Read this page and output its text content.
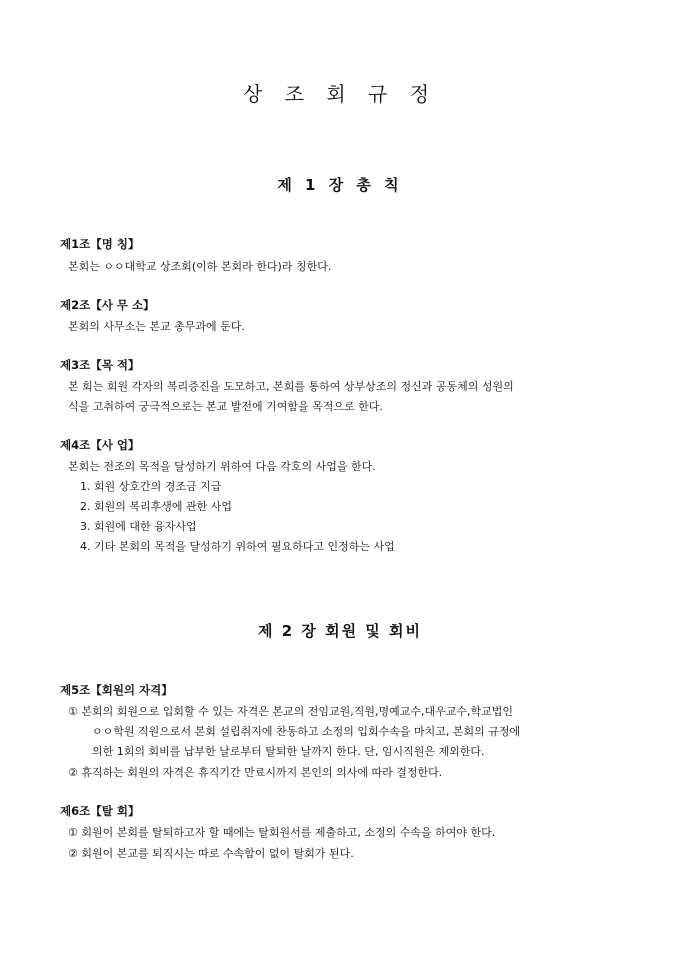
상 조 회 규 정
제 1 장 총 칙
제1조【명 칭】
본회는 ㅇㅇ대학교 상조회(이하 본회라 한다)라 칭한다.
제2조【사 무 소】
본회의 사무소는 본교 총무과에 둔다.
제3조【목 적】
본 회는 회원 각자의 복리증진을 도모하고, 본회를 통하여 상부상조의 정신과 공동체의 성원의
식을 고취하여 궁극적으로는 본교 발전에 기여함을 목적으로 한다.
제4조【사 업】
본회는 전조의 목적을 달성하기 위하여 다음 각호의 사업을 한다.
1. 회원 상호간의 경조금 지급
2. 회원의 복리후생에 관한 사업
3. 회원에 대한 융자사업
4. 기타 본회의 목적을 달성하기 위하여 필요하다고 인정하는 사업
제 2 장 회원 및 회비
제5조【회원의 자격】
① 본회의 회원으로 입회할 수 있는 자격은 본교의 전임교원,직원,명예교수,대우교수,학교법인
ㅇㅇ학원 직원으로서 본회 설립취지에 찬동하고 소정의 입회수속을 마치고, 본회의 규정에
의한 1회의 회비를 납부한 날로부터 탈퇴한 날까지 한다. 단, 임시직원은 제외한다.
② 휴직하는 회원의 자격은 휴직기간 만료시까지 본인의 의사에 따라 결정한다.
제6조【탈 회】
① 회원이 본회를 탈퇴하고자 할 때에는 탈회원서를 제출하고, 소정의 수속을 하여야 한다.
② 회원이 본교를 퇴직시는 따로 수속함이 없이 탈회가 된다.
